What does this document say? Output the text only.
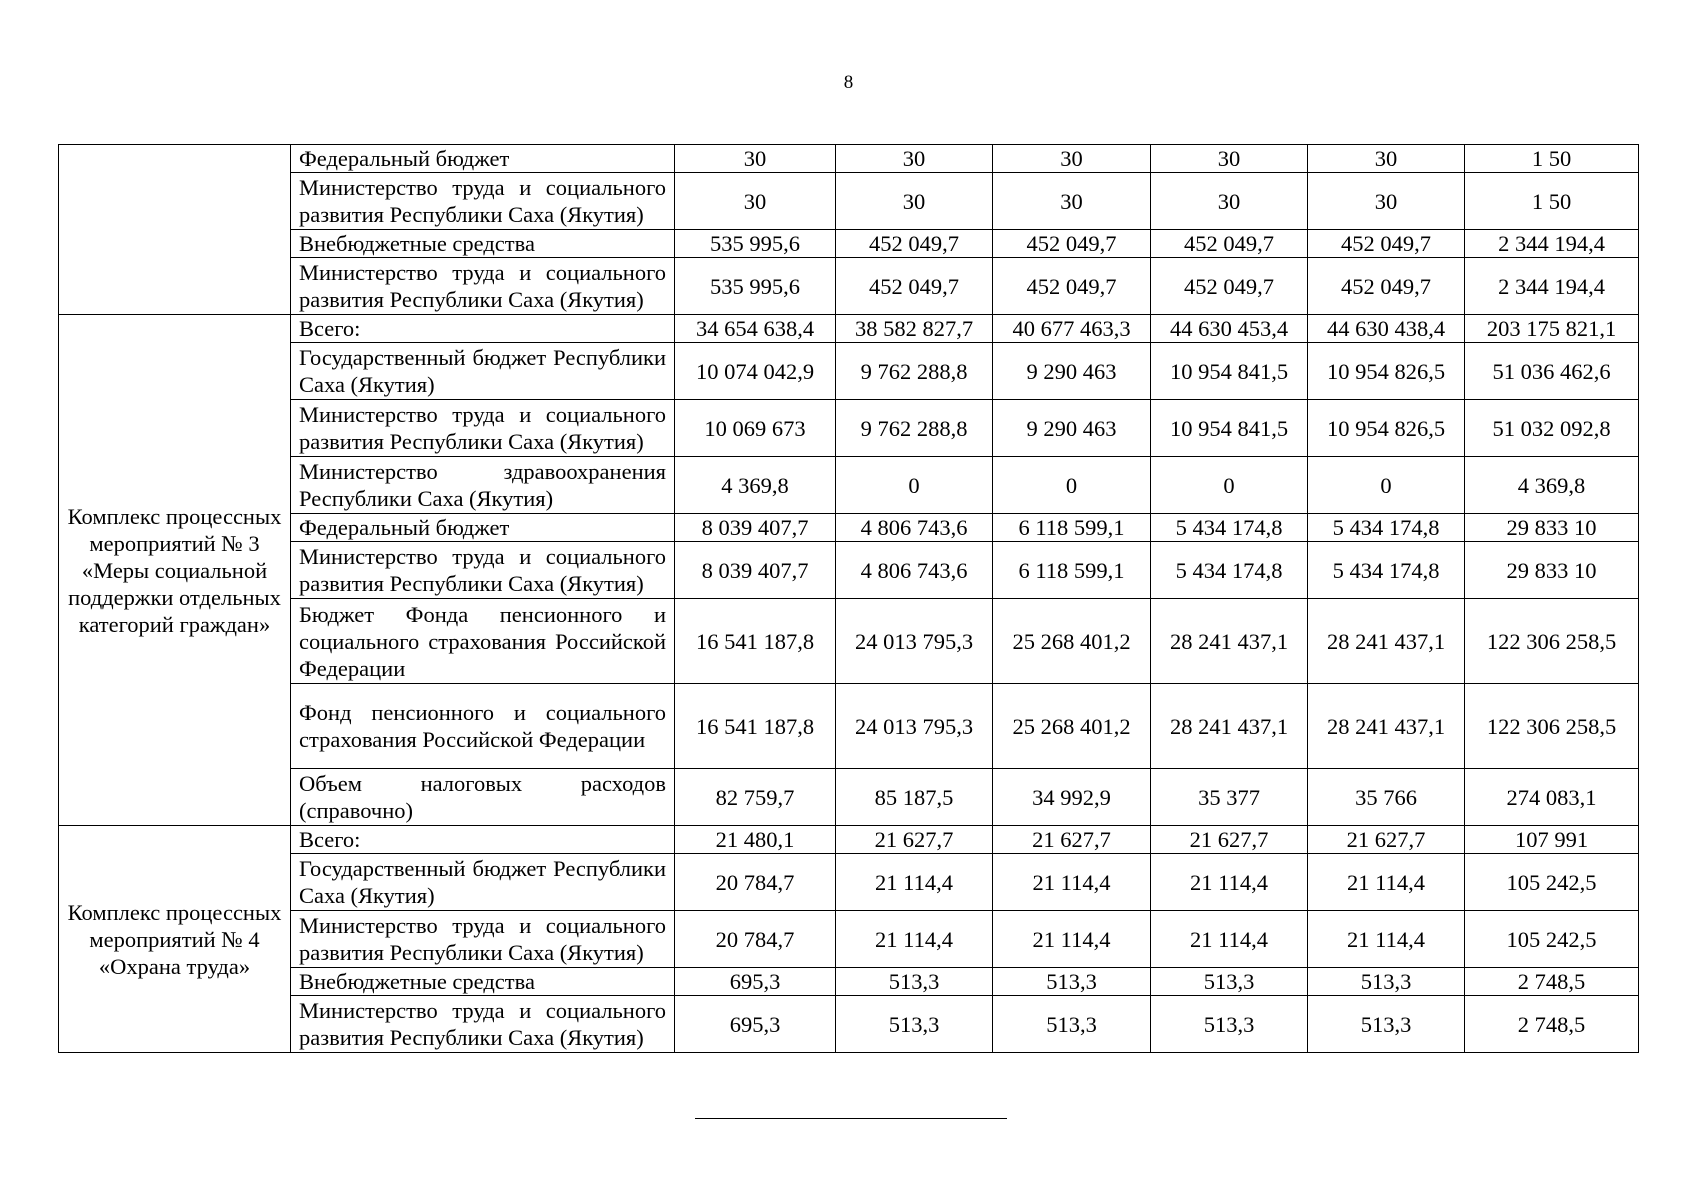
8
	Федеральный бюджет	30	30	30	30	30	1 50
	Министерство труда и социального развития Республики Саха (Якутия)	30	30	30	30	30	1 50
	Внебюджетные средства	535 995,6	452 049,7	452 049,7	452 049,7	452 049,7	2 344 194,4
	Министерство труда и социального развития Республики Саха (Якутия)	535 995,6	452 049,7	452 049,7	452 049,7	452 049,7	2 344 194,4
Комплекс процессных мероприятий № 3 «Меры социальной поддержки отдельных категорий граждан»	Всего:	34 654 638,4	38 582 827,7	40 677 463,3	44 630 453,4	44 630 438,4	203 175 821,1
	Государственный бюджет Республики Саха (Якутия)	10 074 042,9	9 762 288,8	9 290 463	10 954 841,5	10 954 826,5	51 036 462,6
	Министерство труда и социального развития Республики Саха (Якутия)	10 069 673	9 762 288,8	9 290 463	10 954 841,5	10 954 826,5	51 032 092,8
	Министерство здравоохранения Республики Саха (Якутия)	4 369,8	0	0	0	0	4 369,8
	Федеральный бюджет	8 039 407,7	4 806 743,6	6 118 599,1	5 434 174,8	5 434 174,8	29 833 10
	Министерство труда и социального развития Республики Саха (Якутия)	8 039 407,7	4 806 743,6	6 118 599,1	5 434 174,8	5 434 174,8	29 833 10
	Бюджет Фонда пенсионного и социального страхования Российской Федерации	16 541 187,8	24 013 795,3	25 268 401,2	28 241 437,1	28 241 437,1	122 306 258,5
	Фонд пенсионного и социального страхования Российской Федерации	16 541 187,8	24 013 795,3	25 268 401,2	28 241 437,1	28 241 437,1	122 306 258,5
	Объем налоговых расходов (справочно)	82 759,7	85 187,5	34 992,9	35 377	35 766	274 083,1
Комплекс процессных мероприятий № 4 «Охрана труда»	Всего:	21 480,1	21 627,7	21 627,7	21 627,7	21 627,7	107 991
	Государственный бюджет Республики Саха (Якутия)	20 784,7	21 114,4	21 114,4	21 114,4	21 114,4	105 242,5
	Министерство труда и социального развития Республики Саха (Якутия)	20 784,7	21 114,4	21 114,4	21 114,4	21 114,4	105 242,5
	Внебюджетные средства	695,3	513,3	513,3	513,3	513,3	2 748,5
	Министерство труда и социального развития Республики Саха (Якутия)	695,3	513,3	513,3	513,3	513,3	2 748,5
